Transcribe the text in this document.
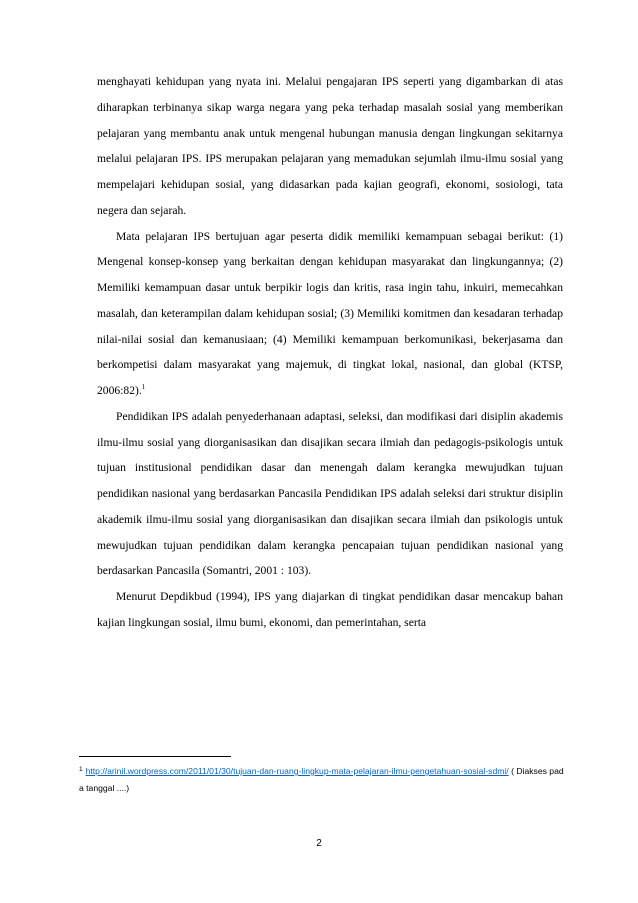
menghayati kehidupan yang nyata ini. Melalui pengajaran IPS seperti yang digambarkan di atas diharapkan terbinanya sikap warga negara yang peka terhadap masalah sosial yang memberikan pelajaran yang membantu anak untuk mengenal hubungan manusia dengan lingkungan sekitarnya melalui pelajaran IPS. IPS merupakan pelajaran yang memadukan sejumlah ilmu-ilmu sosial yang mempelajari kehidupan sosial, yang didasarkan pada kajian geografi, ekonomi, sosiologi, tata negera dan sejarah.

Mata pelajaran IPS bertujuan agar peserta didik memiliki kemampuan sebagai berikut: (1) Mengenal konsep-konsep yang berkaitan dengan kehidupan masyarakat dan lingkungannya; (2) Memiliki kemampuan dasar untuk berpikir logis dan kritis, rasa ingin tahu, inkuiri, memecahkan masalah, dan keterampilan dalam kehidupan sosial; (3) Memiliki komitmen dan kesadaran terhadap nilai-nilai sosial dan kemanusiaan; (4) Memiliki kemampuan berkomunikasi, bekerjasama dan berkompetisi dalam masyarakat yang majemuk, di tingkat lokal, nasional, dan global (KTSP, 2006:82).$^1$

Pendidikan IPS adalah penyederhanaan adaptasi, seleksi, dan modifikasi dari disiplin akademis ilmu-ilmu sosial yang diorganisasikan dan disajikan secara ilmiah dan pedagogis-psikologis untuk tujuan institusional pendidikan dasar dan menengah dalam kerangka mewujudkan tujuan pendidikan nasional yang berdasarkan Pancasila Pendidikan IPS adalah seleksi dari struktur disiplin akademik ilmu-ilmu sosial yang diorganisasikan dan disajikan secara ilmiah dan psikologis untuk mewujudkan tujuan pendidikan dalam kerangka pencapaian tujuan pendidikan nasional yang berdasarkan Pancasila (Somantri, 2001 : 103).

Menurut Depdikbud (1994), IPS yang diajarkan di tingkat pendidikan dasar mencakup bahan kajian lingkungan sosial, ilmu bumi, ekonomi, dan pemerintahan, serta

$^1$ http://arinil.wordpress.com/2011/01/30/tujuan-dan-ruang-lingkup-mata-pelajaran-ilmu-pengetahuan-sosial-sdmi/ ( Diakses pada tanggal ....)
2
